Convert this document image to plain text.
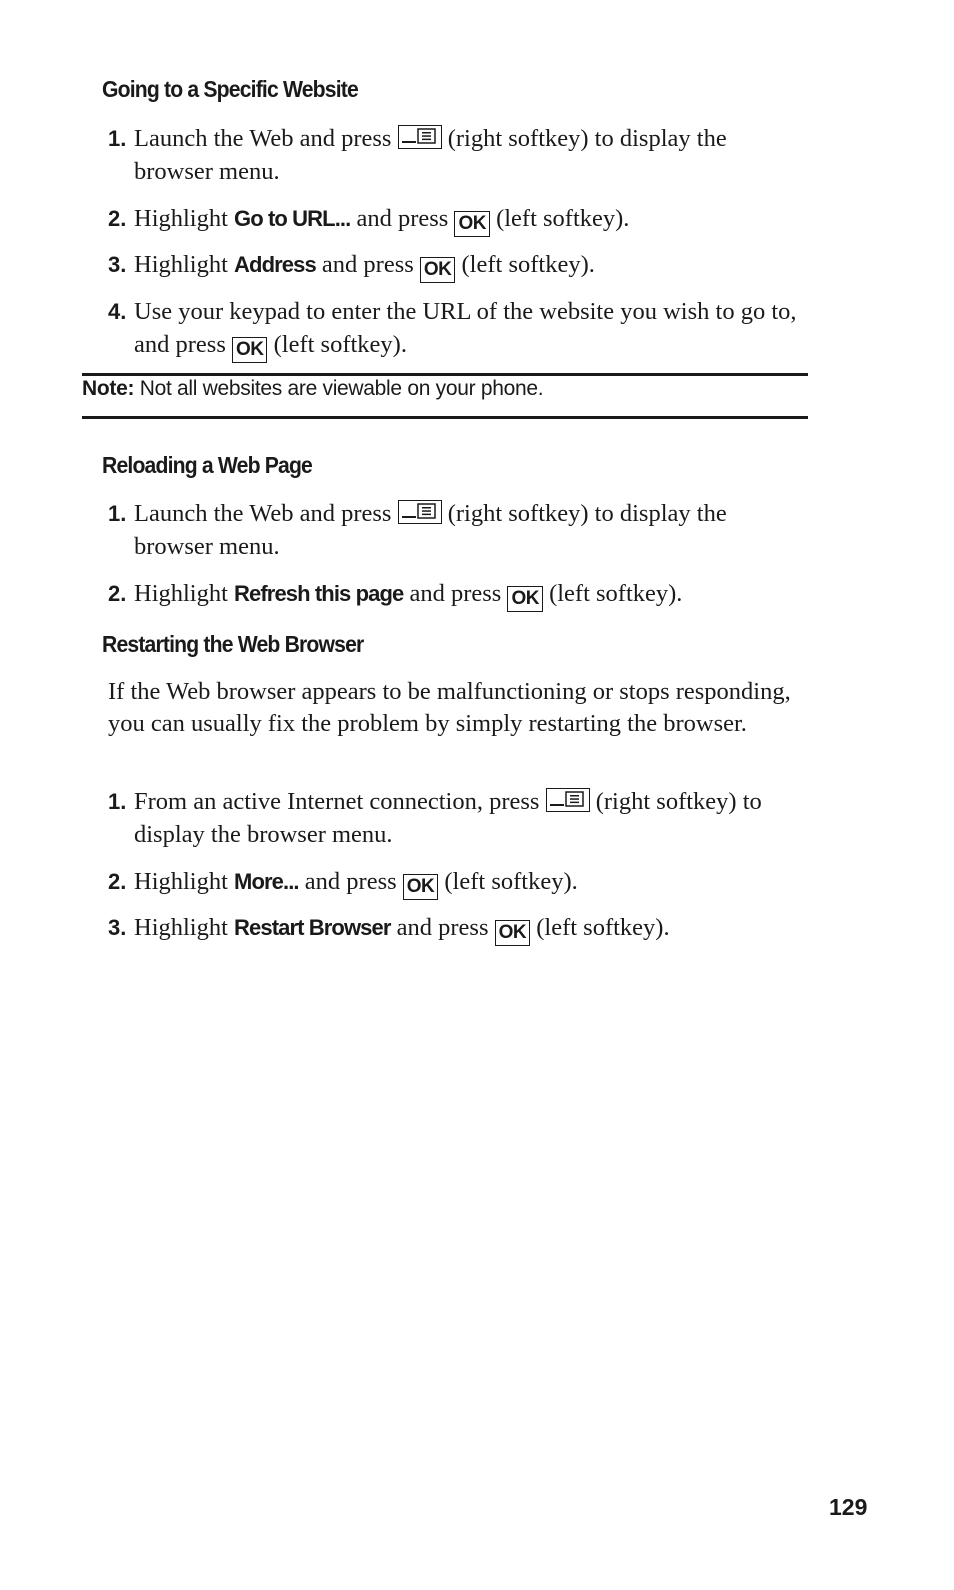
Going to a Specific Website
1. Launch the Web and press
(right softkey) to display the browser menu.
2. Highlight Go to URL... and press OK (left softkey).
3. Highlight Address and press OK (left softkey).
4. Use your keypad to enter the URL of the website you wish to go to, and press OK (left softkey).
Note: Not all websites are viewable on your phone.
Reloading a Web Page
1. Launch the Web and press
(right softkey) to display the browser menu.
2. Highlight Refresh this page and press OK (left softkey).
Restarting the Web Browser
If the Web browser appears to be malfunctioning or stops responding, you can usually fix the problem by simply restarting the browser.
1. From an active Internet connection, press
(right softkey) to display the browser menu.
2. Highlight More... and press OK (left softkey).
3. Highlight Restart Browser and press OK (left softkey).
129
